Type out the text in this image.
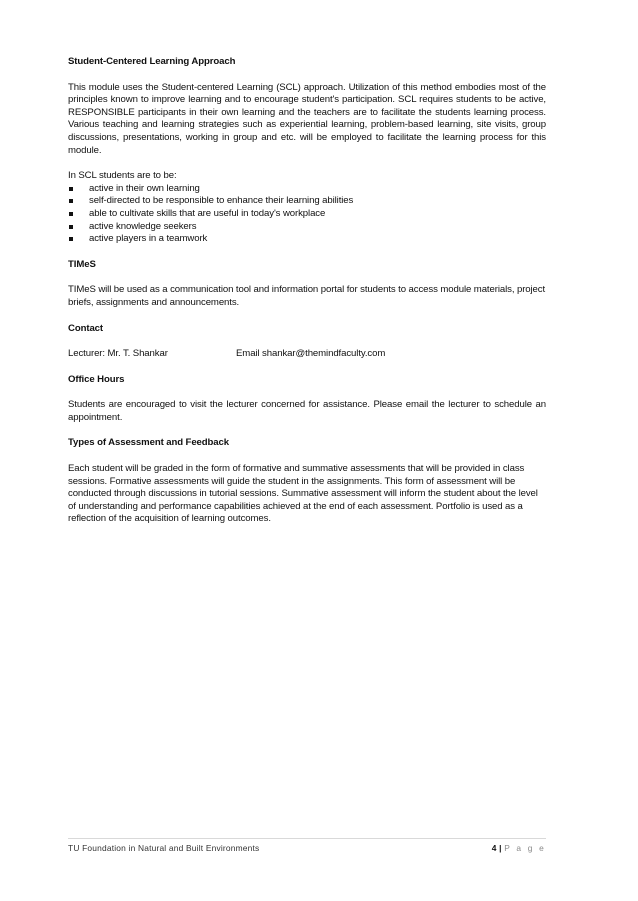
Student-Centered Learning Approach

This module uses the Student-centered Learning (SCL) approach. Utilization of this method embodies most of the principles known to improve learning and to encourage student's participation. SCL requires students to be active, RESPONSIBLE participants in their own learning and the teachers are to facilitate the students learning process. Various teaching and learning strategies such as experiential learning, problem-based learning, site visits, group discussions, presentations, working in group and etc. will be employed to facilitate the learning process for this module.

In SCL students are to be:

active in their own learning
self-directed to be responsible to enhance their learning abilities
able to cultivate skills that are useful in today's workplace
active knowledge seekers
active players in a teamwork

TIMeS

TIMeS will be used as a communication tool and information portal for students to access module materials, project briefs, assignments and announcements.

Contact

Lecturer: Mr. T. Shankar	Email shankar@themindfaculty.com

Office Hours

Students are encouraged to visit the lecturer concerned for assistance. Please email the lecturer to schedule an appointment.

Types of Assessment and Feedback

Each student will be graded in the form of formative and summative assessments that will be provided in class sessions. Formative assessments will guide the student in the assignments. This form of assessment will be conducted through discussions in tutorial sessions. Summative assessment will inform the student about the level of understanding and performance capabilities achieved at the end of each assessment. Portfolio is used as a reflection of the acquisition of learning outcomes.

TU Foundation in Natural and Built Environments	4 | P a g e
